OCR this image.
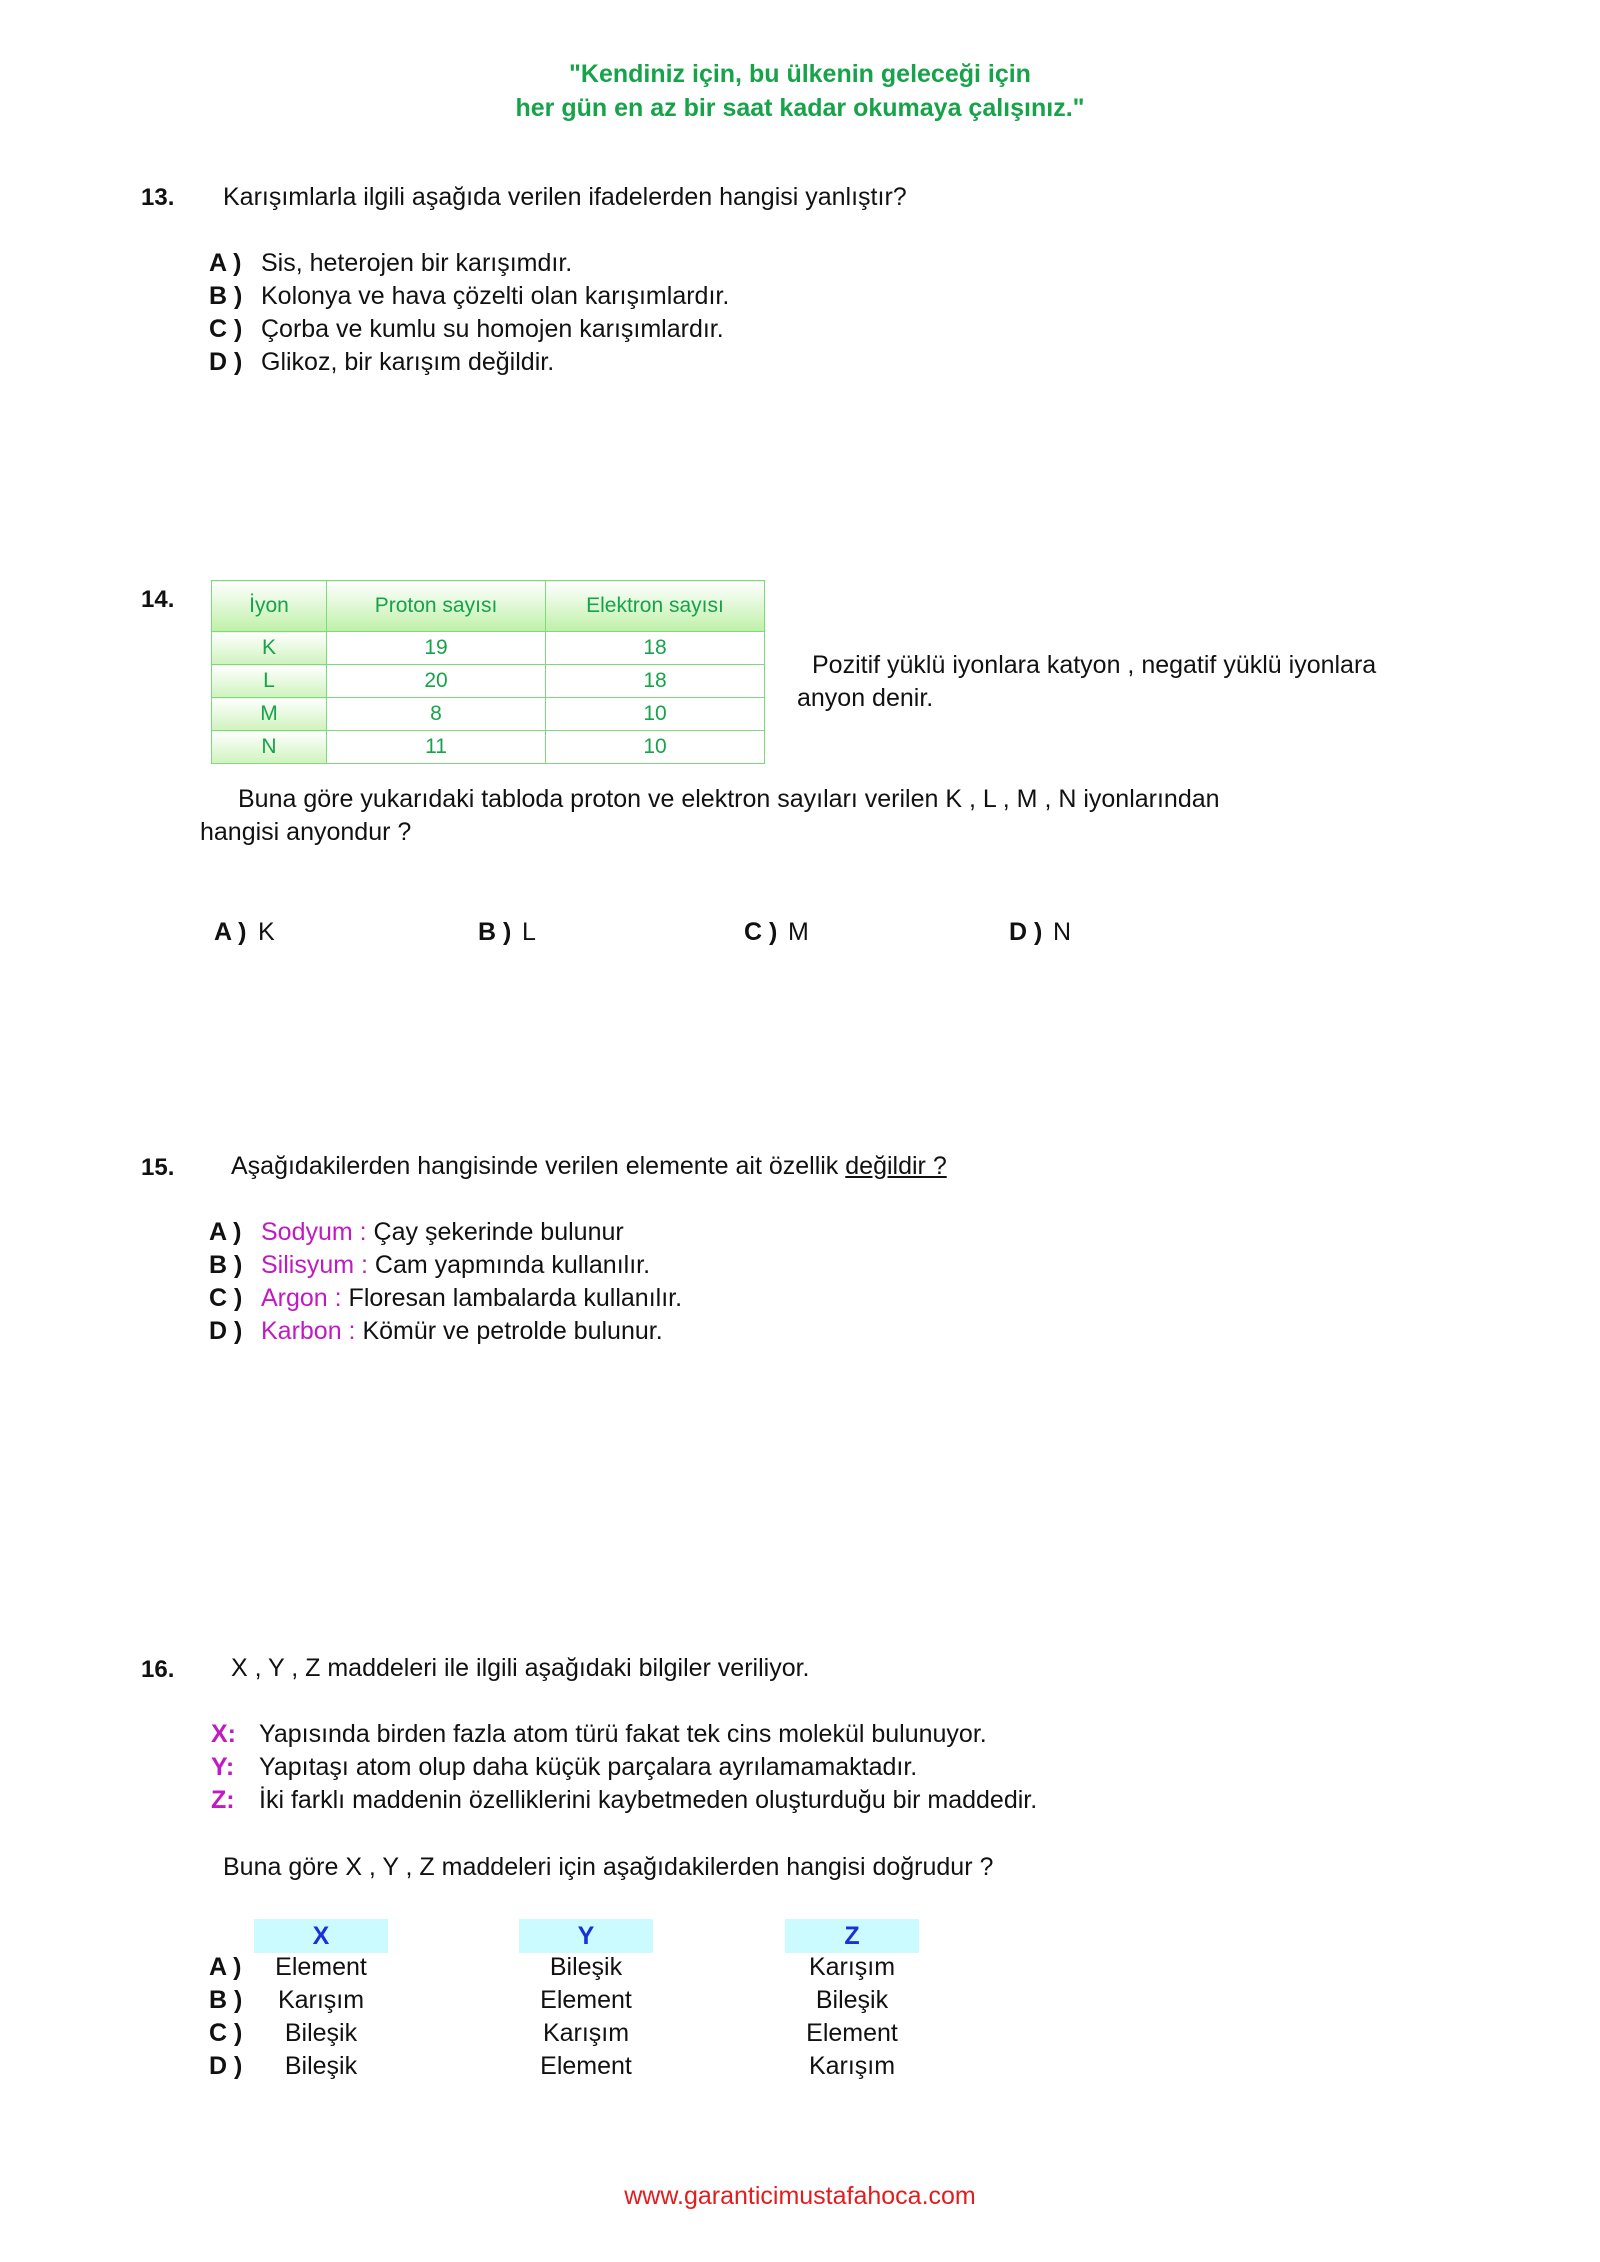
"Kendiniz için, bu ülkenin geleceği için
her gün en az bir saat kadar okumaya çalışınız."
13. Karışımlarla ilgili aşağıda verilen ifadelerden hangisi yanlıştır?
A ) Sis, heterojen bir karışımdır.
B ) Kolonya ve hava çözelti olan karışımlardır.
C ) Çorba ve kumlu su homojen karışımlardır.
D ) Glikoz, bir karışım değildir.
14.	İyon	Proton sayısı	Elektron sayısı
K	19	18
L	20	18
M	8	10
N	11	10
Pozitif yüklü iyonlara katyon , negatif yüklü iyonlara
anyon denir.
Buna göre yukarıdaki tabloda proton ve elektron sayıları verilen K , L , M , N iyonlarından
hangisi anyondur ?
A ) K	B ) L	C ) M	D ) N
15. Aşağıdakilerden hangisinde verilen elemente ait özellik değildir ?
A ) Sodyum : Çay şekerinde bulunur
B ) Silisyum : Cam yapmında kullanılır.
C ) Argon : Floresan lambalarda kullanılır.
D ) Karbon : Kömür ve petrolde bulunur.
16. X , Y , Z maddeleri ile ilgili aşağıdaki bilgiler veriliyor.
X: Yapısında birden fazla atom türü fakat tek cins molekül bulunuyor.
Y: Yapıtaşı atom olup daha küçük parçalara ayrılamamaktadır.
Z: İki farklı maddenin özelliklerini kaybetmeden oluşturduğu bir maddedir.
Buna göre X , Y , Z maddeleri için aşağıdakilerden hangisi doğrudur ?
X	Y	Z
A )	Element	Bileşik	Karışım
B )	Karışım	Element	Bileşik
C )	Bileşik	Karışım	Element
D )	Bileşik	Element	Karışım
www.garanticimustafahoca.com
